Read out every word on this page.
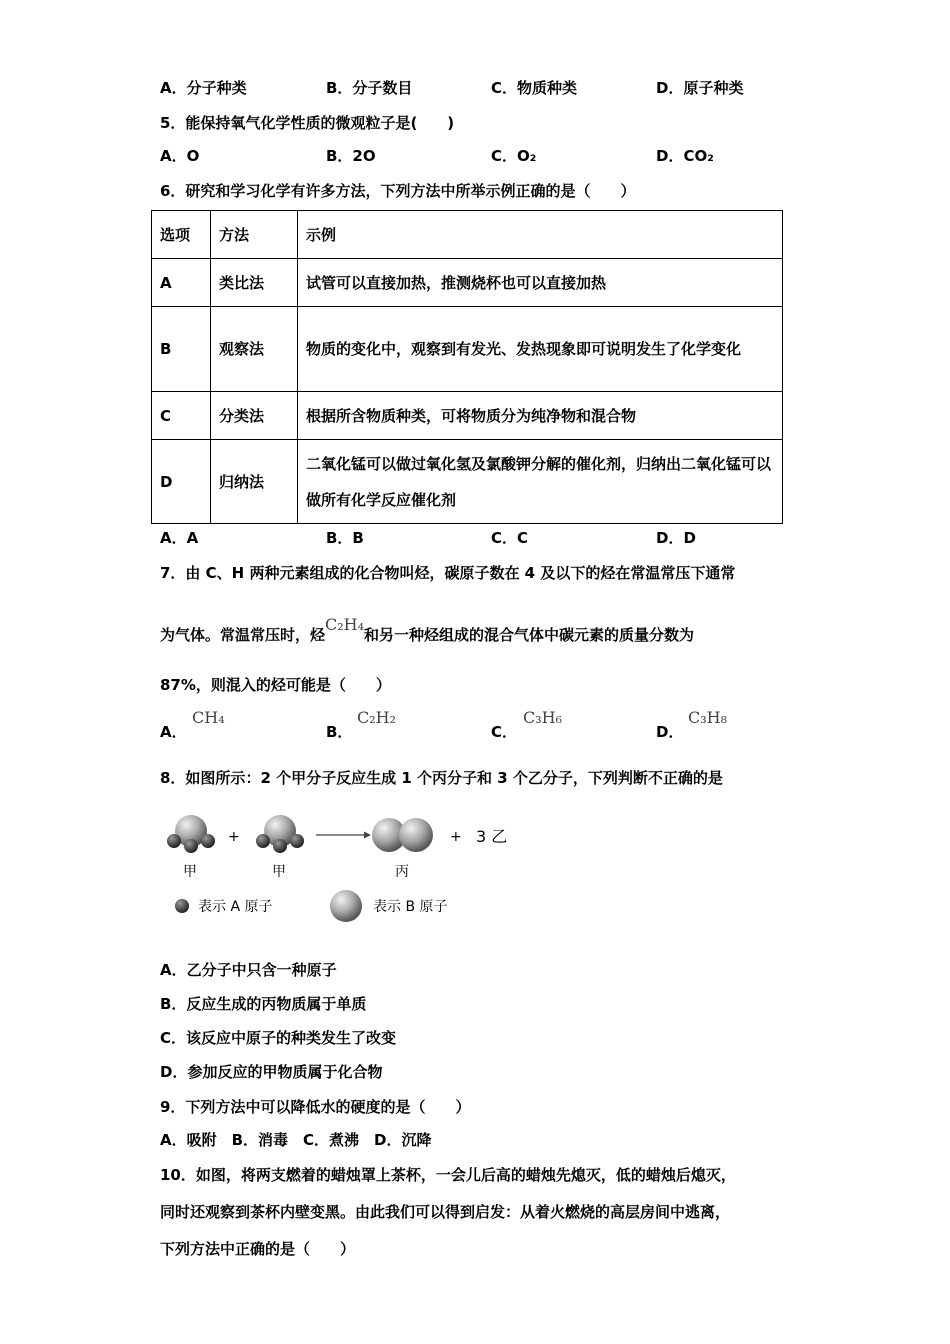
A．分子种类	B．分子数目	C．物质种类	D．原子种类
5．能保持氧气化学性质的微观粒子是(　　)
A．O	B．2O	C．O₂	D．CO₂
6．研究和学习化学有许多方法，下列方法中所举示例正确的是（　　）
选项	方法	示例
A	类比法	试管可以直接加热，推测烧杯也可以直接加热
B	观察法	物质的变化中，观察到有发光、发热现象即可说明发生了化学变化
C	分类法	根据所含物质种类，可将物质分为纯净物和混合物
D	归纳法	二氧化锰可以做过氧化氢及氯酸钾分解的催化剂，归纳出二氧化锰可以做所有化学反应催化剂
A．A	B．B	C．C	D．D
7．由 C、H 两种元素组成的化合物叫烃，碳原子数在 4 及以下的烃在常温常压下通常
为气体。常温常压时，烃C₂H₄和另一种烃组成的混合气体中碳元素的质量分数为
87%，则混入的烃可能是（　　）
A．
CH₄
B．
C₂H₂
C．
C₃H₆
D．
C₃H₈
8．如图所示：2 个甲分子反应生成 1 个丙分子和 3 个乙分子，下列判断不正确的是
+	+ 3 乙
甲	甲	丙
表示 A 原子	表示 B 原子
A．乙分子中只含一种原子
B．反应生成的丙物质属于单质
C．该反应中原子的种类发生了改变
D．参加反应的甲物质属于化合物
9．下列方法中可以降低水的硬度的是（　　）
A．吸附　B．消毒　C．煮沸　D．沉降
10．如图，将两支燃着的蜡烛罩上茶杯，一会儿后高的蜡烛先熄灭，低的蜡烛后熄灭，
同时还观察到茶杯内壁变黑。由此我们可以得到启发：从着火燃烧的高层房间中逃离，
下列方法中正确的是（　　）
